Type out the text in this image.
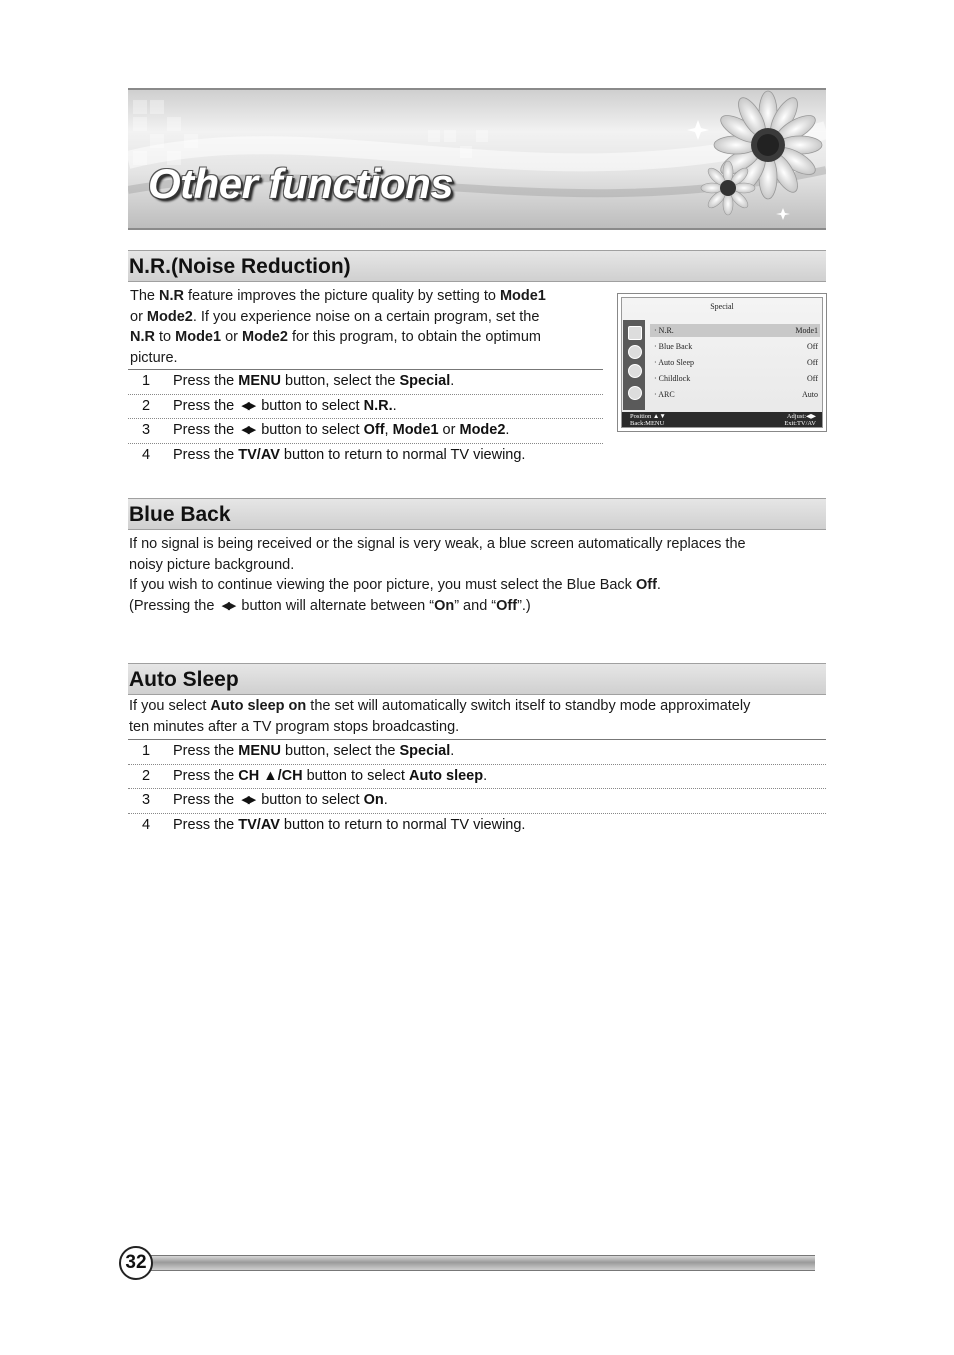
Other functions
N.R.(Noise Reduction)
The N.R feature improves the picture quality by setting to Mode1 or Mode2. If you experience noise on a certain program, set the N.R to Mode1 or Mode2 for this program, to obtain the optimum picture.
1 Press the MENU button, select the Special.
2 Press the ◀▶ button to select N.R..
3 Press the ◀▶ button to select Off, Mode1 or Mode2.
4 Press the TV/AV button to return to normal TV viewing.
Special
· N.R.	Mode1
· Blue Back	Off
· Auto Sleep	Off
· Childlock	Off
· ARC	Auto
Position ▲▼
Back:MENU
Adjust:◀▶
Exit:TV/AV
Blue Back
If no signal is being received or the signal is very weak, a blue screen automatically replaces the
noisy picture background.
If you wish to continue viewing the poor picture, you must select the Blue Back Off.
(Pressing the ◀▶ button will alternate between “On” and “Off”.)
Auto Sleep
If you select Auto sleep on the set will automatically switch itself to standby mode approximately
ten minutes after a TV program stops broadcasting.
1 Press the MENU button, select the Special.
2 Press the CH ▲/CH button to select Auto sleep.
3 Press the ◀▶ button to select On.
4 Press the TV/AV button to return to normal TV viewing.
32
